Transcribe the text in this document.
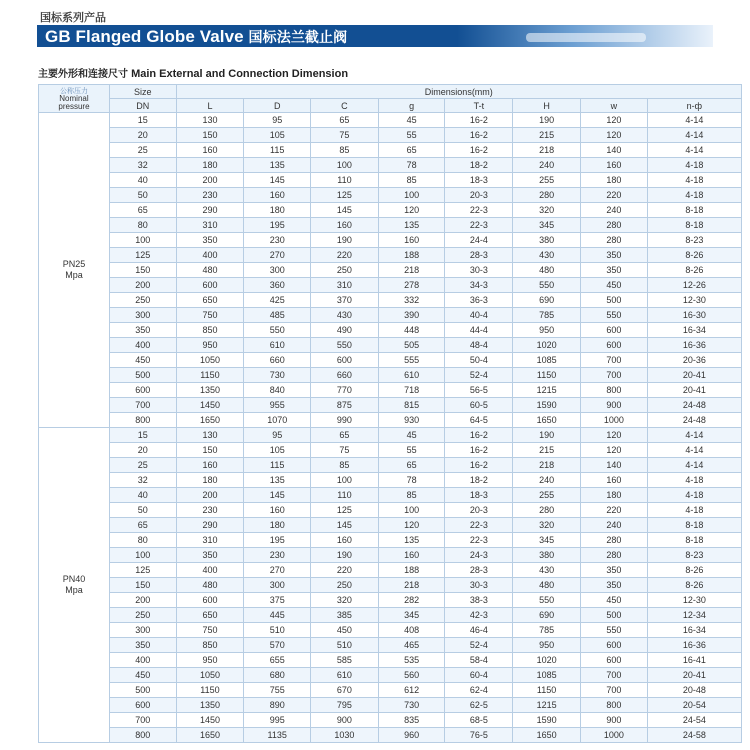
国标系列产品
GB Flanged Globe Valve 国标法兰截止阀
主要外形和连接尺寸 Main External and Connection Dimension
公称压力
Nominal
pressure	Size	Dimensions(mm)							
	DN	L	D	C	g	T-t	H	w	n-ф

PN25
Mpa	15	130	95	65	45	16-2	190	120	4-14
	20	150	105	75	55	16-2	215	120	4-14
	25	160	115	85	65	16-2	218	140	4-14
	32	180	135	100	78	18-2	240	160	4-18
	40	200	145	110	85	18-3	255	180	4-18
	50	230	160	125	100	20-3	280	220	4-18
	65	290	180	145	120	22-3	320	240	8-18
	80	310	195	160	135	22-3	345	280	8-18
	100	350	230	190	160	24-4	380	280	8-23
	125	400	270	220	188	28-3	430	350	8-26
	150	480	300	250	218	30-3	480	350	8-26
	200	600	360	310	278	34-3	550	450	12-26
	250	650	425	370	332	36-3	690	500	12-30
	300	750	485	430	390	40-4	785	550	16-30
	350	850	550	490	448	44-4	950	600	16-34
	400	950	610	550	505	48-4	1020	600	16-36
	450	1050	660	600	555	50-4	1085	700	20-36
	500	1150	730	660	610	52-4	1150	700	20-41
	600	1350	840	770	718	56-5	1215	800	20-41
	700	1450	955	875	815	60-5	1590	900	24-48
	800	1650	1070	990	930	64-5	1650	1000	24-48

PN40
Mpa	15	130	95	65	45	16-2	190	120	4-14
	20	150	105	75	55	16-2	215	120	4-14
	25	160	115	85	65	16-2	218	140	4-14
	32	180	135	100	78	18-2	240	160	4-18
	40	200	145	110	85	18-3	255	180	4-18
	50	230	160	125	100	20-3	280	220	4-18
	65	290	180	145	120	22-3	320	240	8-18
	80	310	195	160	135	22-3	345	280	8-18
	100	350	230	190	160	24-3	380	280	8-23
	125	400	270	220	188	28-3	430	350	8-26
	150	480	300	250	218	30-3	480	350	8-26
	200	600	375	320	282	38-3	550	450	12-30
	250	650	445	385	345	42-3	690	500	12-34
	300	750	510	450	408	46-4	785	550	16-34
	350	850	570	510	465	52-4	950	600	16-36
	400	950	655	585	535	58-4	1020	600	16-41
	450	1050	680	610	560	60-4	1085	700	20-41
	500	1150	755	670	612	62-4	1150	700	20-48
	600	1350	890	795	730	62-5	1215	800	20-54
	700	1450	995	900	835	68-5	1590	900	24-54
	800	1650	1135	1030	960	76-5	1650	1000	24-58
